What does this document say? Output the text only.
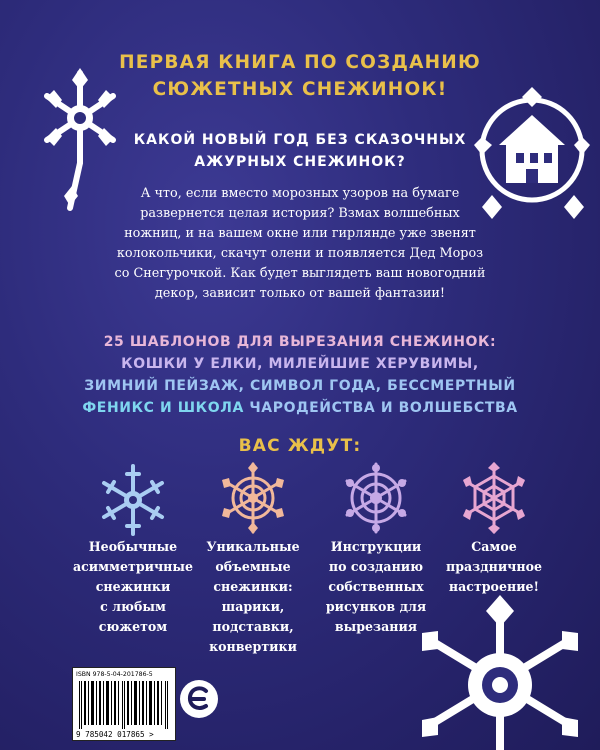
ПЕРВАЯ КНИГА ПО СОЗДАНИЮ
СЮЖЕТНЫХ СНЕЖИНОК!
КАКОЙ НОВЫЙ ГОД БЕЗ СКАЗОЧНЫХ
АЖУРНЫХ СНЕЖИНОК?
А что, если вместо морозных узоров на бумаге
развернется целая история? Взмах волшебных
ножниц, и на вашем окне или гирлянде уже звенят
колокольчики, скачут олени и появляется Дед Мороз
со Снегурочкой. Как будет выглядеть ваш новогодний
декор, зависит только от вашей фантазии!
25 ШАБЛОНОВ ДЛЯ ВЫРЕЗАНИЯ СНЕЖИНОК:
КОШКИ У ЕЛКИ, МИЛЕЙШИЕ ХЕРУВИМЫ,
ЗИМНИЙ ПЕЙЗАЖ, СИМВОЛ ГОДА, БЕССМЕРТНЫЙ
ФЕНИКС И ШКОЛА ЧАРОДЕЙСТВА И ВОЛШЕБСТВА
ВАС ЖДУТ:
Необычные
асимметричные
снежинки
с любым
сюжетом
Уникальные
объемные
снежинки:
шарики,
подставки,
конвертики
Инструкции
по созданию
собственных
рисунков для
вырезания
Самое
праздничное
настроение!
ISBN 978-5-04-201786-5
9 785042 017865 >
